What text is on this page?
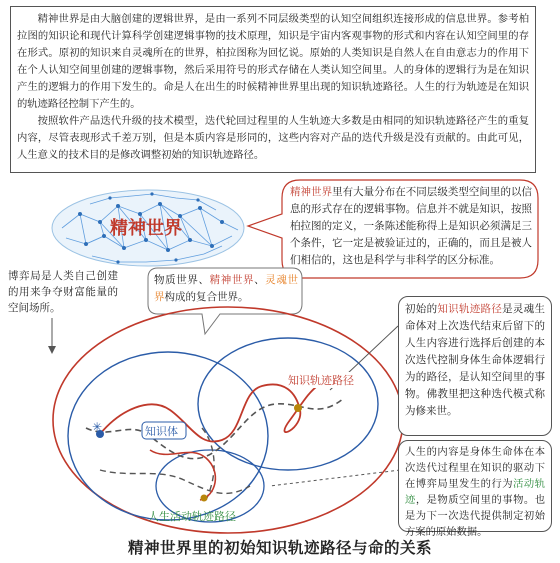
精神世界是由大脑创建的逻辑世界，是由一系列不同层级类型的认知空间组织连接形成的信息世界。参考柏拉图的知识论和现代计算科学创建逻辑事物的技术原理，知识是宇宙内客观事物的形式和内容在认知空间里的存在形式。原初的知识来自灵魂所在的世界，柏拉图称为回忆说。原始的人类知识是自然人在自由意志力的作用下在个人认知空间里创建的逻辑事物，然后采用符号的形式存储在人类认知空间里。人的身体的逻辑行为是在知识产生的逻辑力的作用下发生的。命是人在出生的时候精神世界里出现的知识轨迹路径。人生的行为轨迹是在知识的轨迹路径控制下产生的。

按照软件产品迭代升级的技术模型，迭代轮回过程里的人生轨迹大多数是由相同的知识轨迹路径产生的重复内容，尽管表现形式千差万别，但是本质内容是形同的，这些内容对产品的迭代升级是没有贡献的。由此可见，人生意义的技术目的是修改调整初始的知识轨迹路径。

✳
精神世界
精神世界里有大量分布在不同层级类型空间里的以信息的形式存在的逻辑事物。信息并不就是知识，按照柏拉图的定义，一条陈述能称得上是知识必须满足三个条件，它一定是被验证过的，正确的，而且是被人们相信的，这也是科学与非科学的区分标准。
博弈局是人类自己创建的用来争夺财富能量的空间场所。
物质世界、精神世界、灵魂世界构成的复合世界。
初始的知识轨迹路径是灵魂生命体对上次迭代结束后留下的人生内容进行选择后创建的本次迭代控制身体生命体逻辑行为的路径，是认知空间里的事物。佛教里把这种迭代模式称为修来世。
人生的内容是身体生命体在本次迭代过程里在知识的驱动下在博弈局里发生的行为活动轨迹，是物质空间里的事物。也是为下一次迭代提供制定初始方案的原始数据。
知识轨迹路径
知识体
人生活动轨迹路径
精神世界里的初始知识轨迹路径与命的关系
